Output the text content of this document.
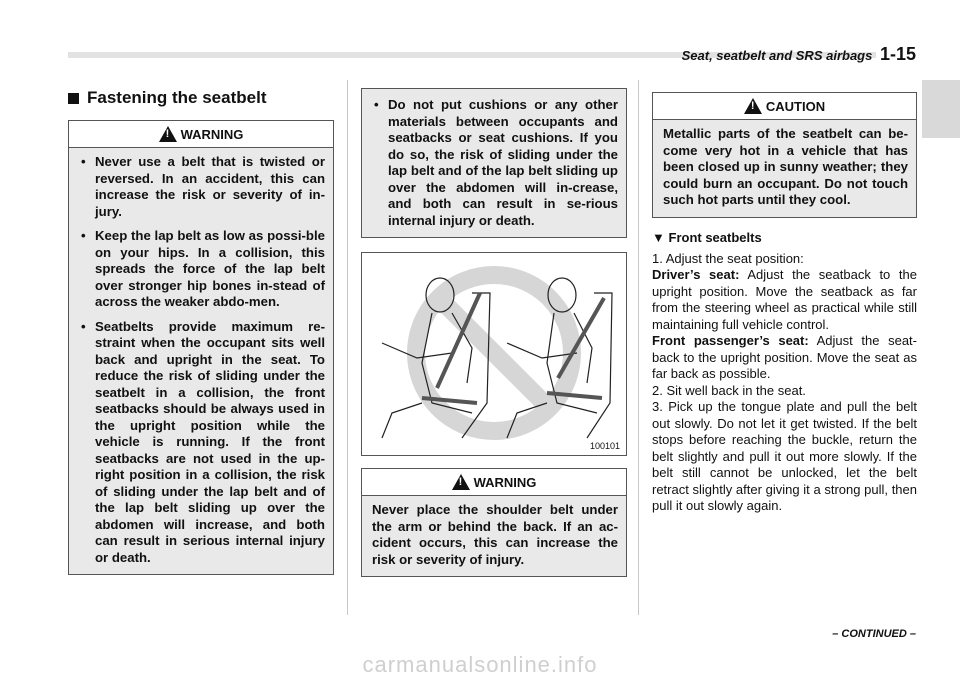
Seat, seatbelt and SRS airbags 1-15
Fastening the seatbelt
!
WARNING
• Never use a belt that is twisted or reversed. In an accident, this can increase the risk or severity of in-jury.
• Keep the lap belt as low as possi-ble on your hips. In a collision, this spreads the force of the lap belt over stronger hip bones in-stead of across the weaker abdo-men.
• Seatbelts provide maximum re-straint when the occupant sits well back and upright in the seat. To reduce the risk of sliding under the seatbelt in a collision, the front seatbacks should be always used in the upright position while the vehicle is running. If the front seatbacks are not used in the up-right position in a collision, the risk of sliding under the lap belt and of the lap belt sliding up over the abdomen will increase, and both can result in serious internal injury or death.
• Do not put cushions or any other materials between occupants and seatbacks or seat cushions. If you do so, the risk of sliding under the lap belt and of the lap belt sliding up over the abdomen will in-crease, and both can result in se-rious internal injury or death.
100101
!
WARNING
Never place the shoulder belt under the arm or behind the back. If an ac-cident occurs, this can increase the risk or severity of injury.
!
CAUTION
Metallic parts of the seatbelt can be-come very hot in a vehicle that has been closed up in sunny weather; they could burn an occupant. Do not touch such hot parts until they cool.
▼ Front seatbelts

1. Adjust the seat position:

Driver’s seat: Adjust the seatback to the upright position. Move the seatback as far from the steering wheel as practical while still maintaining full vehicle control.

Front passenger’s seat: Adjust the seat-back to the upright position. Move the seat as far back as possible.

2. Sit well back in the seat.

3. Pick up the tongue plate and pull the belt out slowly. Do not let it get twisted. If the belt stops before reaching the buckle, return the belt slightly and pull it out more slowly. If the belt still cannot be unlocked, let the belt retract slightly after giving it a strong pull, then pull it out slowly again.

– CONTINUED –
carmanualsonline.info
